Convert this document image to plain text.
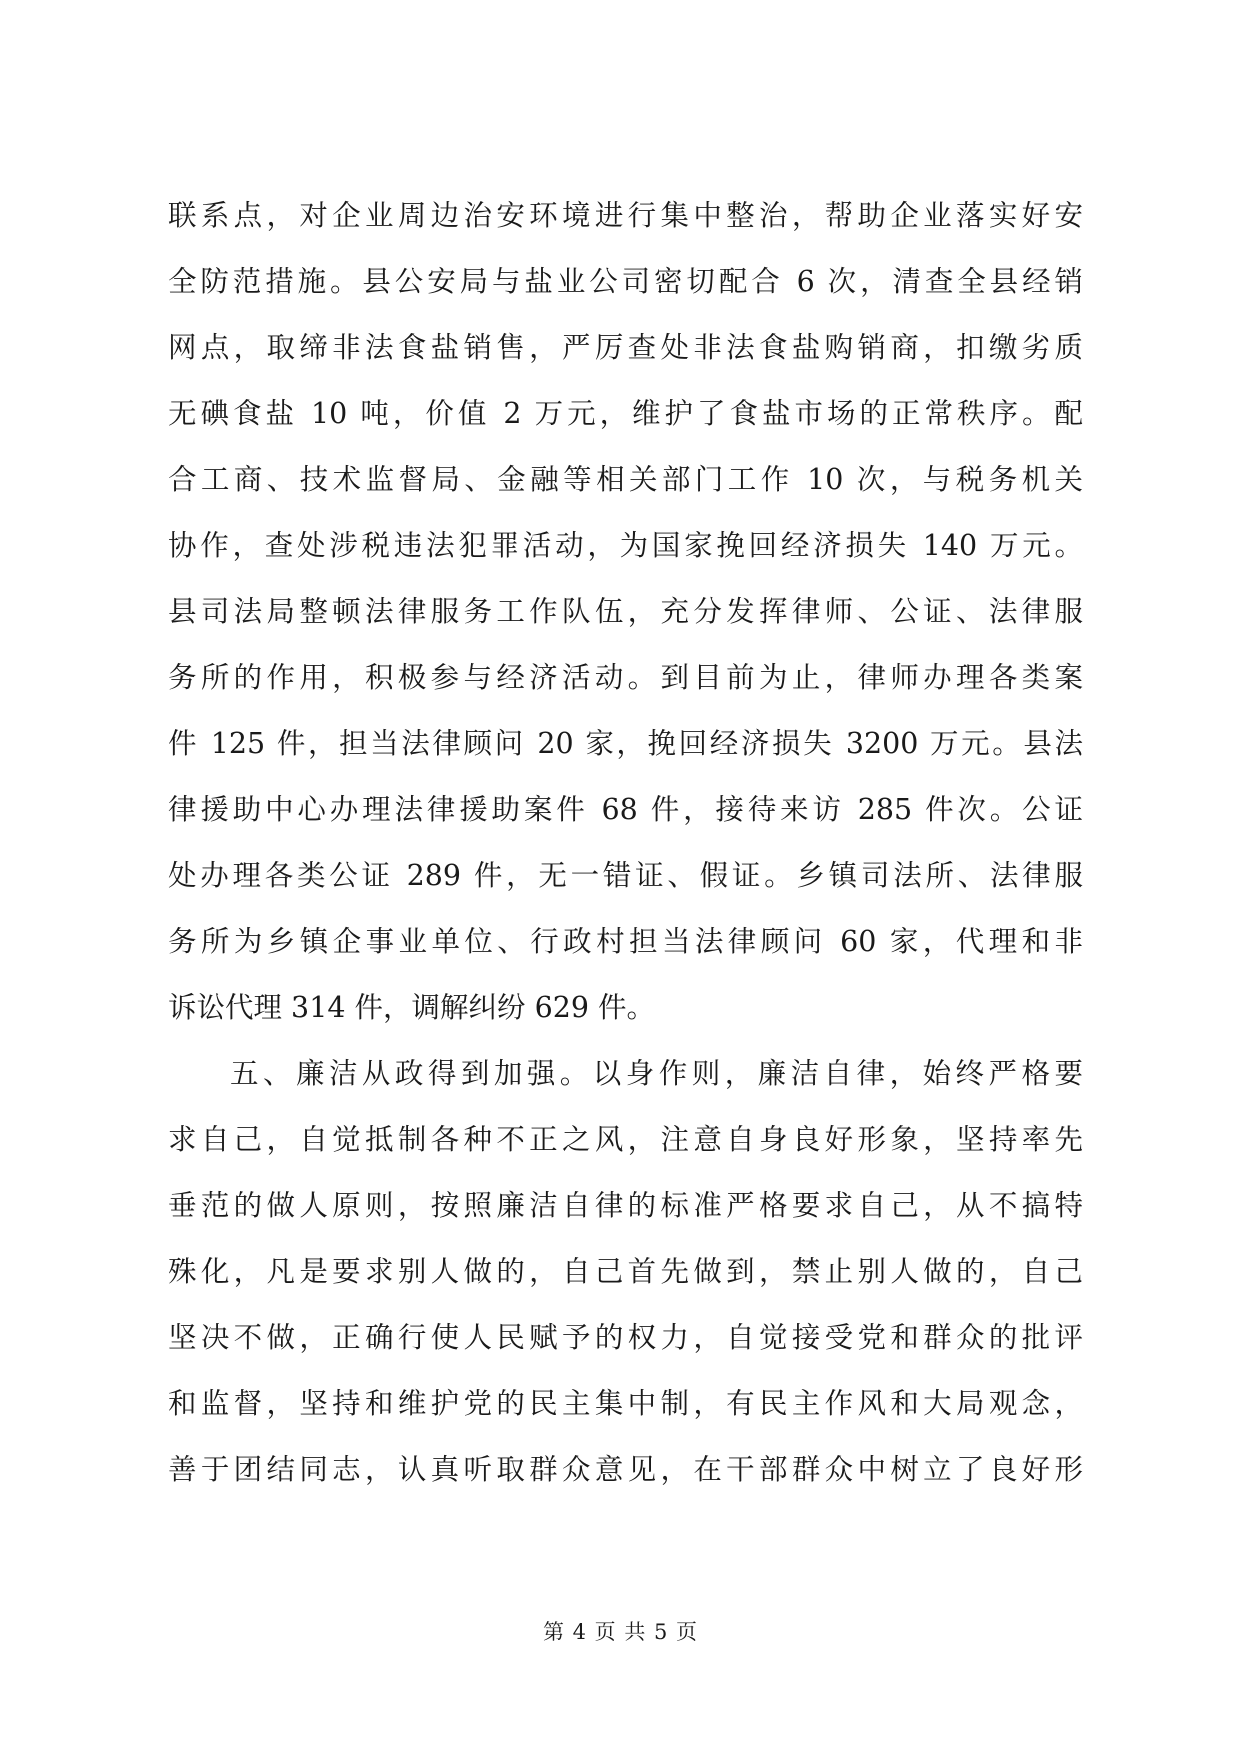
联系点，对企业周边治安环境进行集中整治，帮助企业落实好安
全防范措施。县公安局与盐业公司密切配合 6 次，清查全县经销
网点，取缔非法食盐销售，严厉查处非法食盐购销商，扣缴劣质
无碘食盐 10 吨，价值 2 万元，维护了食盐市场的正常秩序。配
合工商、技术监督局、金融等相关部门工作 10 次，与税务机关
协作，查处涉税违法犯罪活动，为国家挽回经济损失 140 万元。
县司法局整顿法律服务工作队伍，充分发挥律师、公证、法律服
务所的作用，积极参与经济活动。到目前为止，律师办理各类案
件 125 件，担当法律顾问 20 家，挽回经济损失 3200 万元。县法
律援助中心办理法律援助案件 68 件，接待来访 285 件次。公证
处办理各类公证 289 件，无一错证、假证。乡镇司法所、法律服
务所为乡镇企事业单位、行政村担当法律顾问 60 家，代理和非
诉讼代理 314 件，调解纠纷 629 件。
五、廉洁从政得到加强。以身作则，廉洁自律，始终严格要
求自己，自觉抵制各种不正之风，注意自身良好形象，坚持率先
垂范的做人原则，按照廉洁自律的标准严格要求自己，从不搞特
殊化，凡是要求别人做的，自己首先做到，禁止别人做的，自己
坚决不做，正确行使人民赋予的权力，自觉接受党和群众的批评
和监督，坚持和维护党的民主集中制，有民主作风和大局观念，
善于团结同志，认真听取群众意见，在干部群众中树立了良好形
第 4 页 共 5 页
